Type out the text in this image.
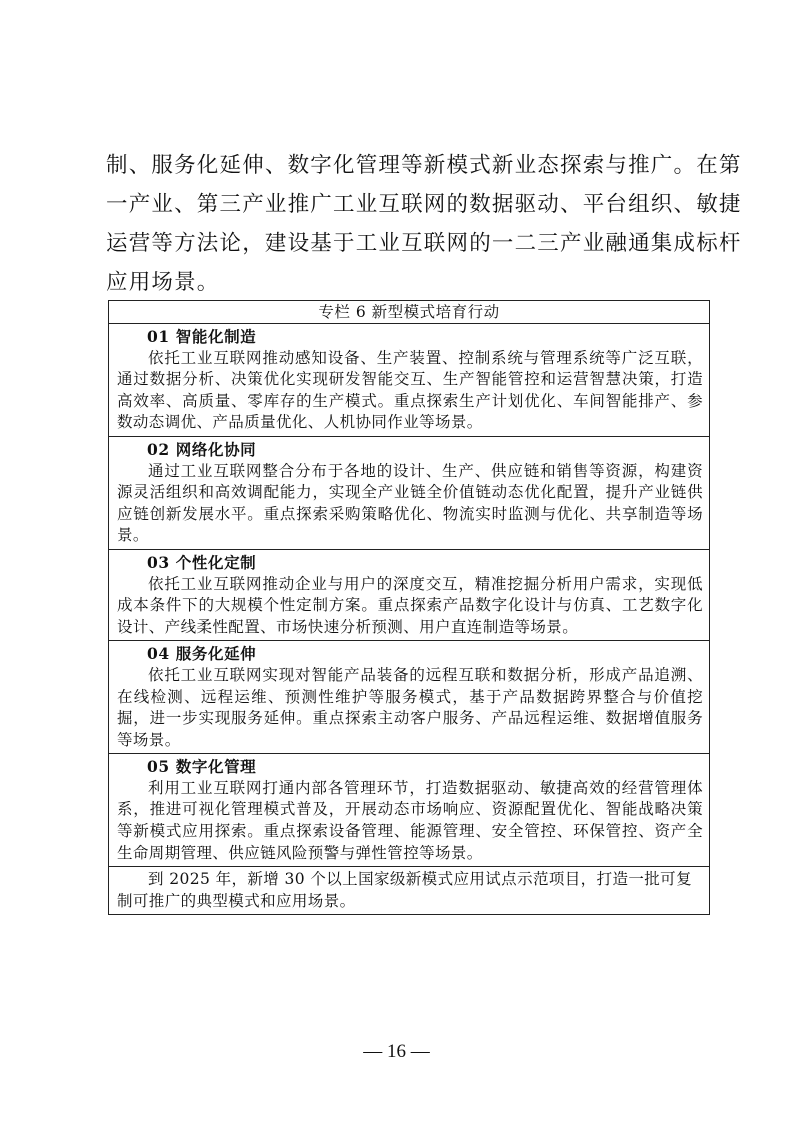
制、服务化延伸、数字化管理等新模式新业态探索与推广。在第
一产业、第三产业推广工业互联网的数据驱动、平台组织、敏捷
运营等方法论，建设基于工业互联网的一二三产业融通集成标杆
应用场景。
专栏 6 新型模式培育行动
01 智能化制造
依托工业互联网推动感知设备、生产装置、控制系统与管理系统等广泛互联，通过数据分析、决策优化实现研发智能交互、生产智能管控和运营智慧决策，打造高效率、高质量、零库存的生产模式。重点探索生产计划优化、车间智能排产、参数动态调优、产品质量优化、人机协同作业等场景。
02 网络化协同
通过工业互联网整合分布于各地的设计、生产、供应链和销售等资源，构建资源灵活组织和高效调配能力，实现全产业链全价值链动态优化配置，提升产业链供应链创新发展水平。重点探索采购策略优化、物流实时监测与优化、共享制造等场景。
03 个性化定制
依托工业互联网推动企业与用户的深度交互，精准挖掘分析用户需求，实现低成本条件下的大规模个性定制方案。重点探索产品数字化设计与仿真、工艺数字化设计、产线柔性配置、市场快速分析预测、用户直连制造等场景。
04 服务化延伸
依托工业互联网实现对智能产品装备的远程互联和数据分析，形成产品追溯、在线检测、远程运维、预测性维护等服务模式，基于产品数据跨界整合与价值挖掘，进一步实现服务延伸。重点探索主动客户服务、产品远程运维、数据增值服务等场景。
05 数字化管理
利用工业互联网打通内部各管理环节，打造数据驱动、敏捷高效的经营管理体系，推进可视化管理模式普及，开展动态市场响应、资源配置优化、智能战略决策等新模式应用探索。重点探索设备管理、能源管理、安全管控、环保管控、资产全生命周期管理、供应链风险预警与弹性管控等场景。
到 2025 年，新增 30 个以上国家级新模式应用试点示范项目，打造一批可复制可推广的典型模式和应用场景。
— 16 —
